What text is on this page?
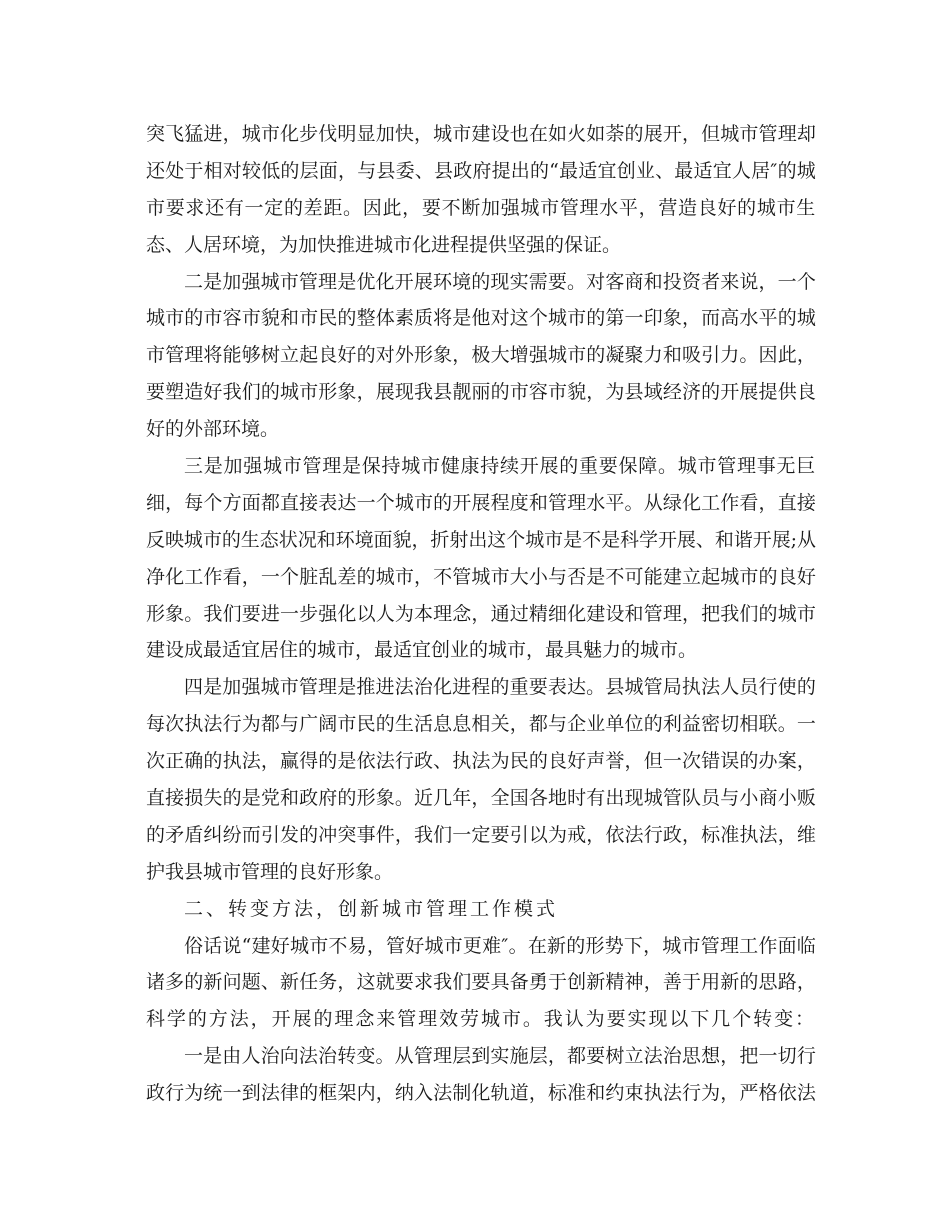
突飞猛进，城市化步伐明显加快，城市建设也在如火如荼的展开，但城市管理却
还处于相对较低的层面，与县委、县政府提出的“最适宜创业、最适宜人居″的城
市要求还有一定的差距。因此，要不断加强城市管理水平，营造良好的城市生
态、人居环境，为加快推进城市化进程提供坚强的保证。
二是加强城市管理是优化开展环境的现实需要。对客商和投资者来说，一个
城市的市容市貌和市民的整体素质将是他对这个城市的第一印象，而高水平的城
市管理将能够树立起良好的对外形象，极大增强城市的凝聚力和吸引力。因此，
要塑造好我们的城市形象，展现我县靓丽的市容市貌，为县域经济的开展提供良
好的外部环境。
三是加强城市管理是保持城市健康持续开展的重要保障。城市管理事无巨
细，每个方面都直接表达一个城市的开展程度和管理水平。从绿化工作看，直接
反映城市的生态状况和环境面貌，折射出这个城市是不是科学开展、和谐开展;从
净化工作看，一个脏乱差的城市，不管城市大小与否是不可能建立起城市的良好
形象。我们要进一步强化以人为本理念，通过精细化建设和管理，把我们的城市
建设成最适宜居住的城市，最适宜创业的城市，最具魅力的城市。
四是加强城市管理是推进法治化进程的重要表达。县城管局执法人员行使的
每次执法行为都与广阔市民的生活息息相关，都与企业单位的利益密切相联。一
次正确的执法，赢得的是依法行政、执法为民的良好声誉，但一次错误的办案，
直接损失的是党和政府的形象。近几年，全国各地时有出现城管队员与小商小贩
的矛盾纠纷而引发的冲突事件，我们一定要引以为戒，依法行政，标准执法，维
护我县城市管理的良好形象。
二、转变方法，创新城市管理工作模式
俗话说“建好城市不易，管好城市更难″。在新的形势下，城市管理工作面临
诸多的新问题、新任务，这就要求我们要具备勇于创新精神，善于用新的思路，
科学的方法，开展的理念来管理效劳城市。我认为要实现以下几个转变：
一是由人治向法治转变。从管理层到实施层，都要树立法治思想，把一切行
政行为统一到法律的框架内，纳入法制化轨道，标准和约束执法行为，严格依法
